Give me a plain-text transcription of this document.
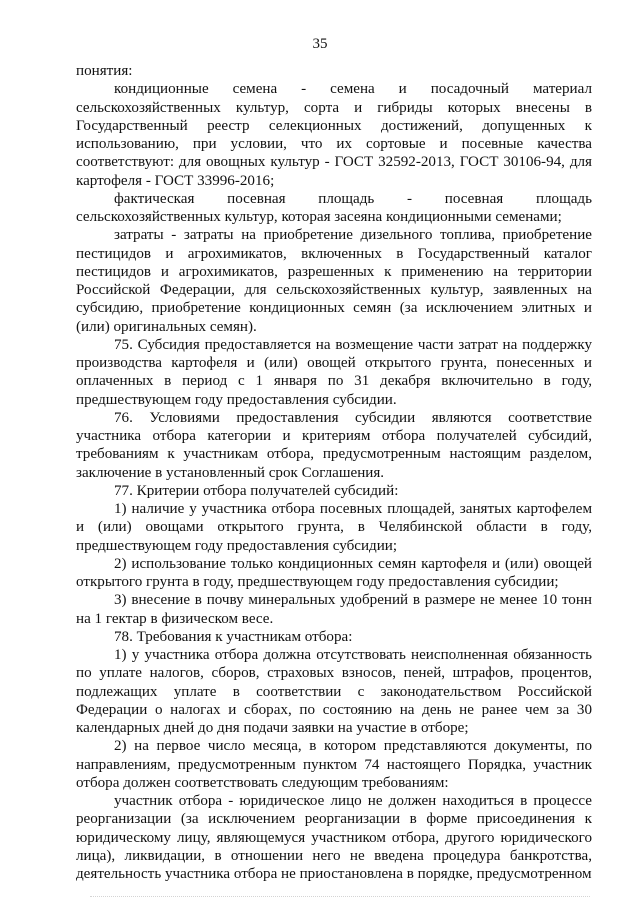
35

понятия:

кондиционные семена - семена и посадочный материал сельскохозяйственных культур, сорта и гибриды которых внесены в Государственный реестр селекционных достижений, допущенных к использованию, при условии, что их сортовые и посевные качества соответствуют: для овощных культур - ГОСТ 32592-2013, ГОСТ 30106-94, для картофеля - ГОСТ 33996-2016;

фактическая посевная площадь - посевная площадь сельскохозяйственных культур, которая засеяна кондиционными семенами;

затраты - затраты на приобретение дизельного топлива, приобретение пестицидов и агрохимикатов, включенных в Государственный каталог пестицидов и агрохимикатов, разрешенных к применению на территории Российской Федерации, для сельскохозяйственных культур, заявленных на субсидию, приобретение кондиционных семян (за исключением элитных и (или) оригинальных семян).

75. Субсидия предоставляется на возмещение части затрат на поддержку производства картофеля и (или) овощей открытого грунта, понесенных и оплаченных в период с 1 января по 31 декабря включительно в году, предшествующем году предоставления субсидии.

76. Условиями предоставления субсидии являются соответствие участника отбора категории и критериям отбора получателей субсидий, требованиям к участникам отбора, предусмотренным настоящим разделом, заключение в установленный срок Соглашения.

77. Критерии отбора получателей субсидий:

1) наличие у участника отбора посевных площадей, занятых картофелем и (или) овощами открытого грунта, в Челябинской области в году, предшествующем году предоставления субсидии;

2) использование только кондиционных семян картофеля и (или) овощей открытого грунта в году, предшествующем году предоставления субсидии;

3) внесение в почву минеральных удобрений в размере не менее 10 тонн на 1 гектар в физическом весе.

78. Требования к участникам отбора:

1) у участника отбора должна отсутствовать неисполненная обязанность по уплате налогов, сборов, страховых взносов, пеней, штрафов, процентов, подлежащих уплате в соответствии с законодательством Российской Федерации о налогах и сборах, по состоянию на день не ранее чем за 30 календарных дней до дня подачи заявки на участие в отборе;

2) на первое число месяца, в котором представляются документы, по направлениям, предусмотренным пунктом 74 настоящего Порядка, участник отбора должен соответствовать следующим требованиям:

участник отбора - юридическое лицо не должен находиться в процессе реорганизации (за исключением реорганизации в форме присоединения к юридическому лицу, являющемуся участником отбора, другого юридического лица), ликвидации, в отношении него не введена процедура банкротства, деятельность участника отбора не приостановлена в порядке, предусмотренном
